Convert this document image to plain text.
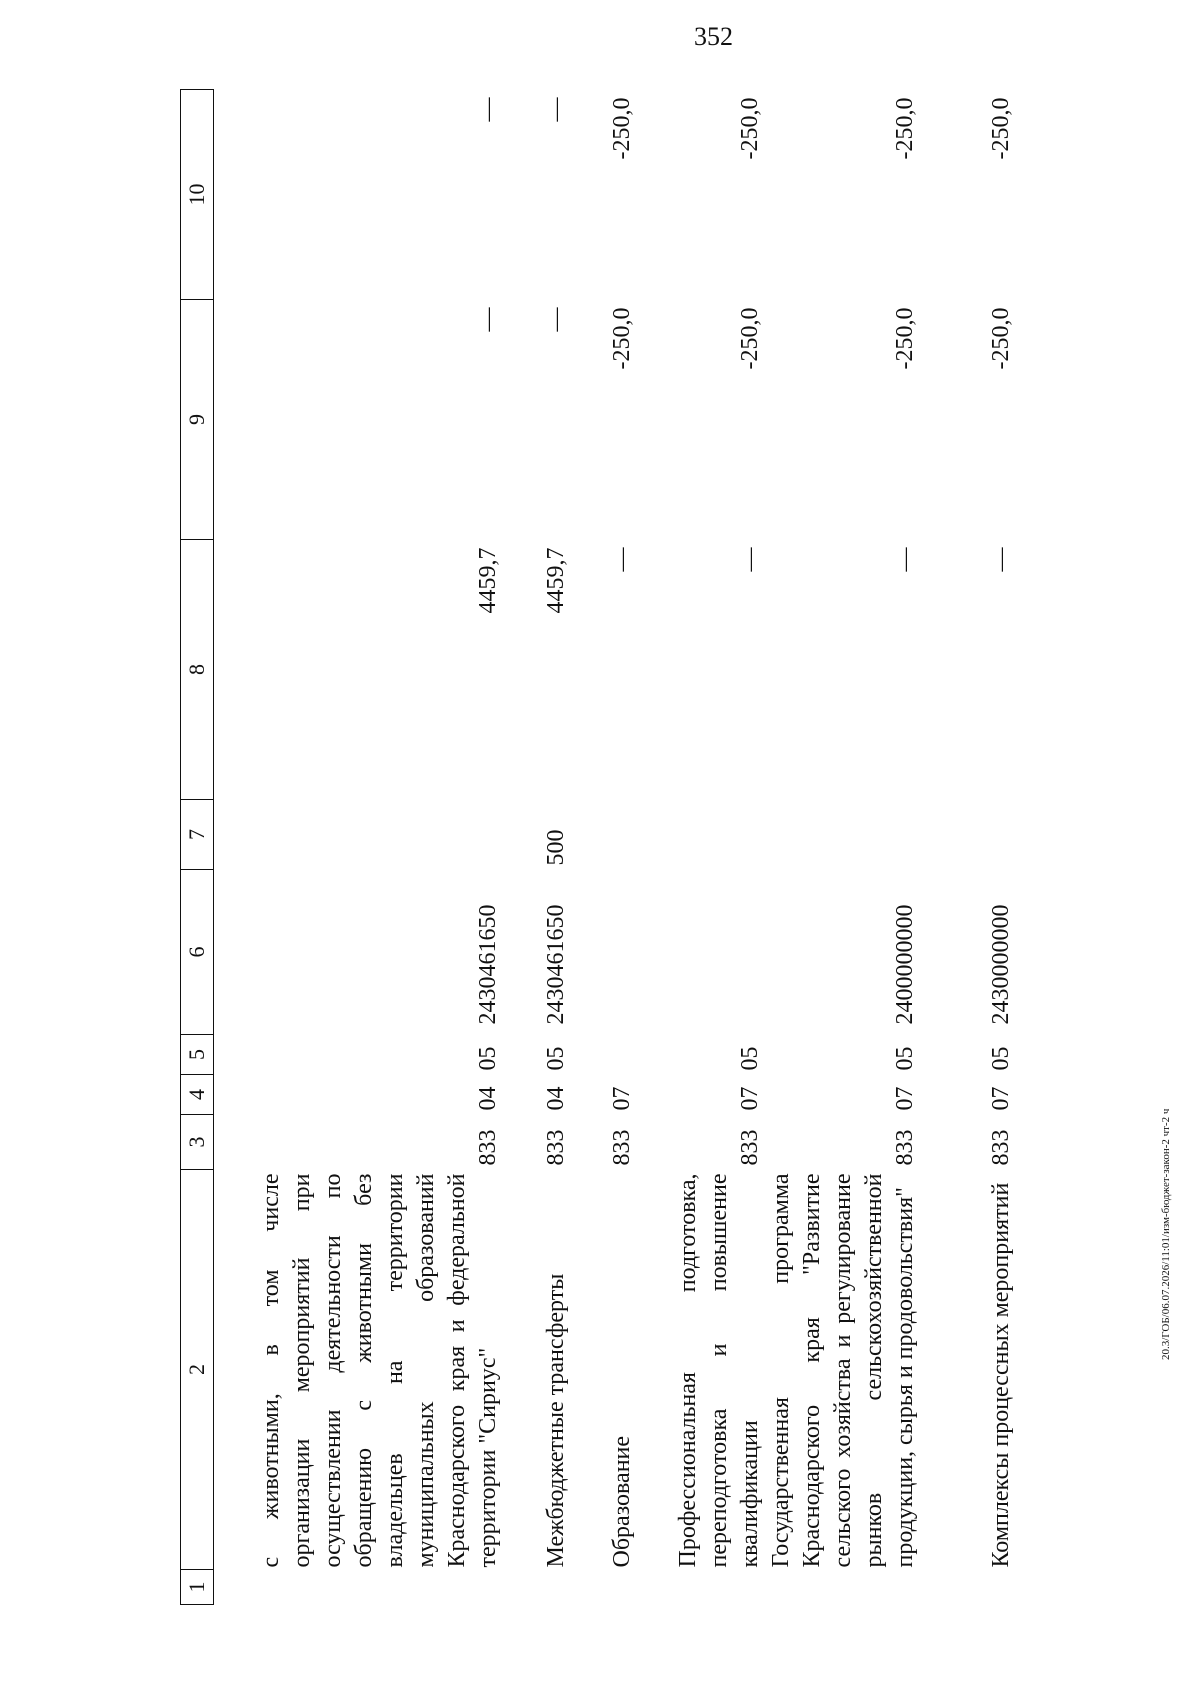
352
20.3/ГОБ/06.07.2026/11:01/изм-бюджет-закон-2 чт-2 ч
1	2	3	4	5	6	7	8	9	10
	с животными, в том числе организации мероприятий при осуществлении деятельности по обращению с животными без владельцев на территории муниципальных образований Краснодарского края и федеральной территории "Сириус"	833	04	05	2430461650		4459,7	—	—
	Межбюджетные трансферты	833	04	05	2430461650	500	4459,7	—	—
	Образование	833	07				—	-250,0	-250,0
	Профессиональная подготовка, переподготовка и повышение квалификации	833	07	05			—	-250,0	-250,0
	Государственная программа Краснодарского края "Развитие сельского хозяйства и регулирование рынков сельскохозяйственной продукции, сырья и продовольствия"	833	07	05	2400000000		—	-250,0	-250,0
	Комплексы процессных мероприятий	833	07	05	2430000000		—	-250,0	-250,0
